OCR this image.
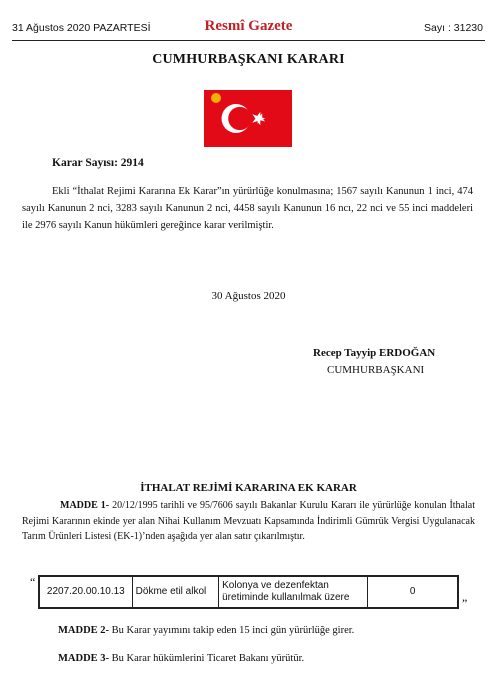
31 Ağustos 2020 PAZARTESİ	Resmî Gazete	Sayı : 31230
CUMHURBAŞKANI KARARI
Karar Sayısı: 2914
Ekli “İthalat Rejimi Kararına Ek Karar”ın yürürlüğe konulmasına; 1567 sayılı Kanunun 1 inci, 474 sayılı Kanunun 2 nci, 3283 sayılı Kanunun 2 nci, 4458 sayılı Kanunun 16 ncı, 22 nci ve 55 inci maddeleri ile 2976 sayılı Kanun hükümleri gereğince karar verilmiştir.
30 Ağustos 2020
Recep Tayyip ERDOĞAN
CUMHURBAŞKANI
İTHALAT REJİMİ KARARINA EK KARAR
MADDE 1- 20/12/1995 tarihli ve 95/7606 sayılı Bakanlar Kurulu Kararı ile yürürlüğe konulan İthalat Rejimi Kararının ekinde yer alan Nihai Kullanım Mevzuatı Kapsamında İndirimli Gümrük Vergisi Uygulanacak Tarım Ürünleri Listesi (EK-1)’nden aşağıda yer alan satır çıkarılmıştır.
“
2207.20.00.10.13	Dökme etil alkol	Kolonya ve dezenfektan üretiminde kullanılmak üzere	0
”
MADDE 2- Bu Karar yayımını takip eden 15 inci gün yürürlüğe girer.
MADDE 3- Bu Karar hükümlerini Ticaret Bakanı yürütür.
